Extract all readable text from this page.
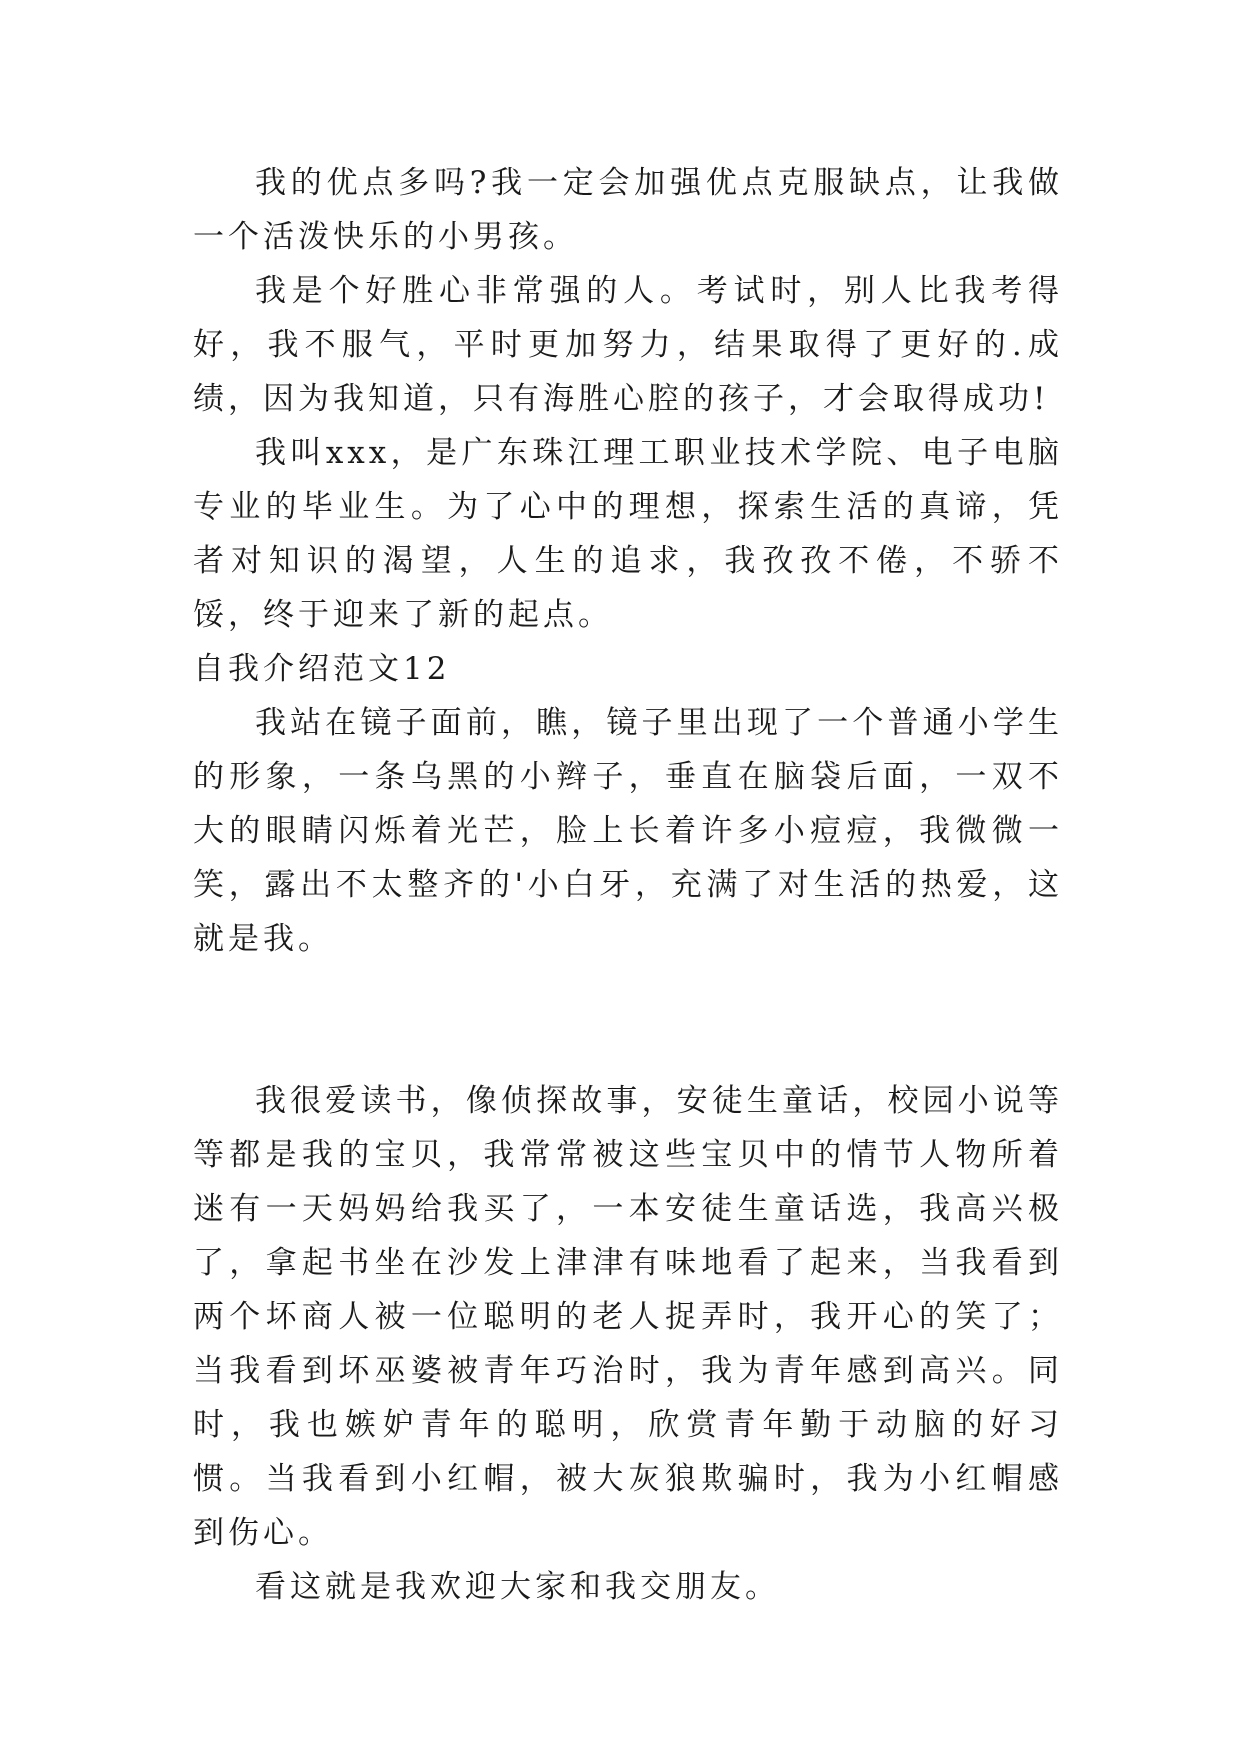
我的优点多吗?我一定会加强优点克服缺点，让我做一个活泼快乐的小男孩。

我是个好胜心非常强的人。考试时，别人比我考得好，我不服气，平时更加努力，结果取得了更好的.成绩，因为我知道，只有海胜心腔的孩子，才会取得成功!

我叫xxx，是广东珠江理工职业技术学院、电子电脑专业的毕业生。为了心中的理想，探索生活的真谛，凭者对知识的渴望，人生的追求，我孜孜不倦，不骄不馁，终于迎来了新的起点。

自我介绍范文12

我站在镜子面前，瞧，镜子里出现了一个普通小学生的形象，一条乌黑的小辫子，垂直在脑袋后面，一双不大的眼睛闪烁着光芒，脸上长着许多小痘痘，我微微一笑，露出不太整齐的'小白牙，充满了对生活的热爱，这就是我。

我很爱读书，像侦探故事，安徒生童话，校园小说等等都是我的宝贝，我常常被这些宝贝中的情节人物所着迷有一天妈妈给我买了，一本安徒生童话选，我高兴极了，拿起书坐在沙发上津津有味地看了起来，当我看到两个坏商人被一位聪明的老人捉弄时，我开心的笑了；当我看到坏巫婆被青年巧治时，我为青年感到高兴。同时，我也嫉妒青年的聪明，欣赏青年勤于动脑的好习惯。当我看到小红帽，被大灰狼欺骗时，我为小红帽感到伤心。

看这就是我欢迎大家和我交朋友。
